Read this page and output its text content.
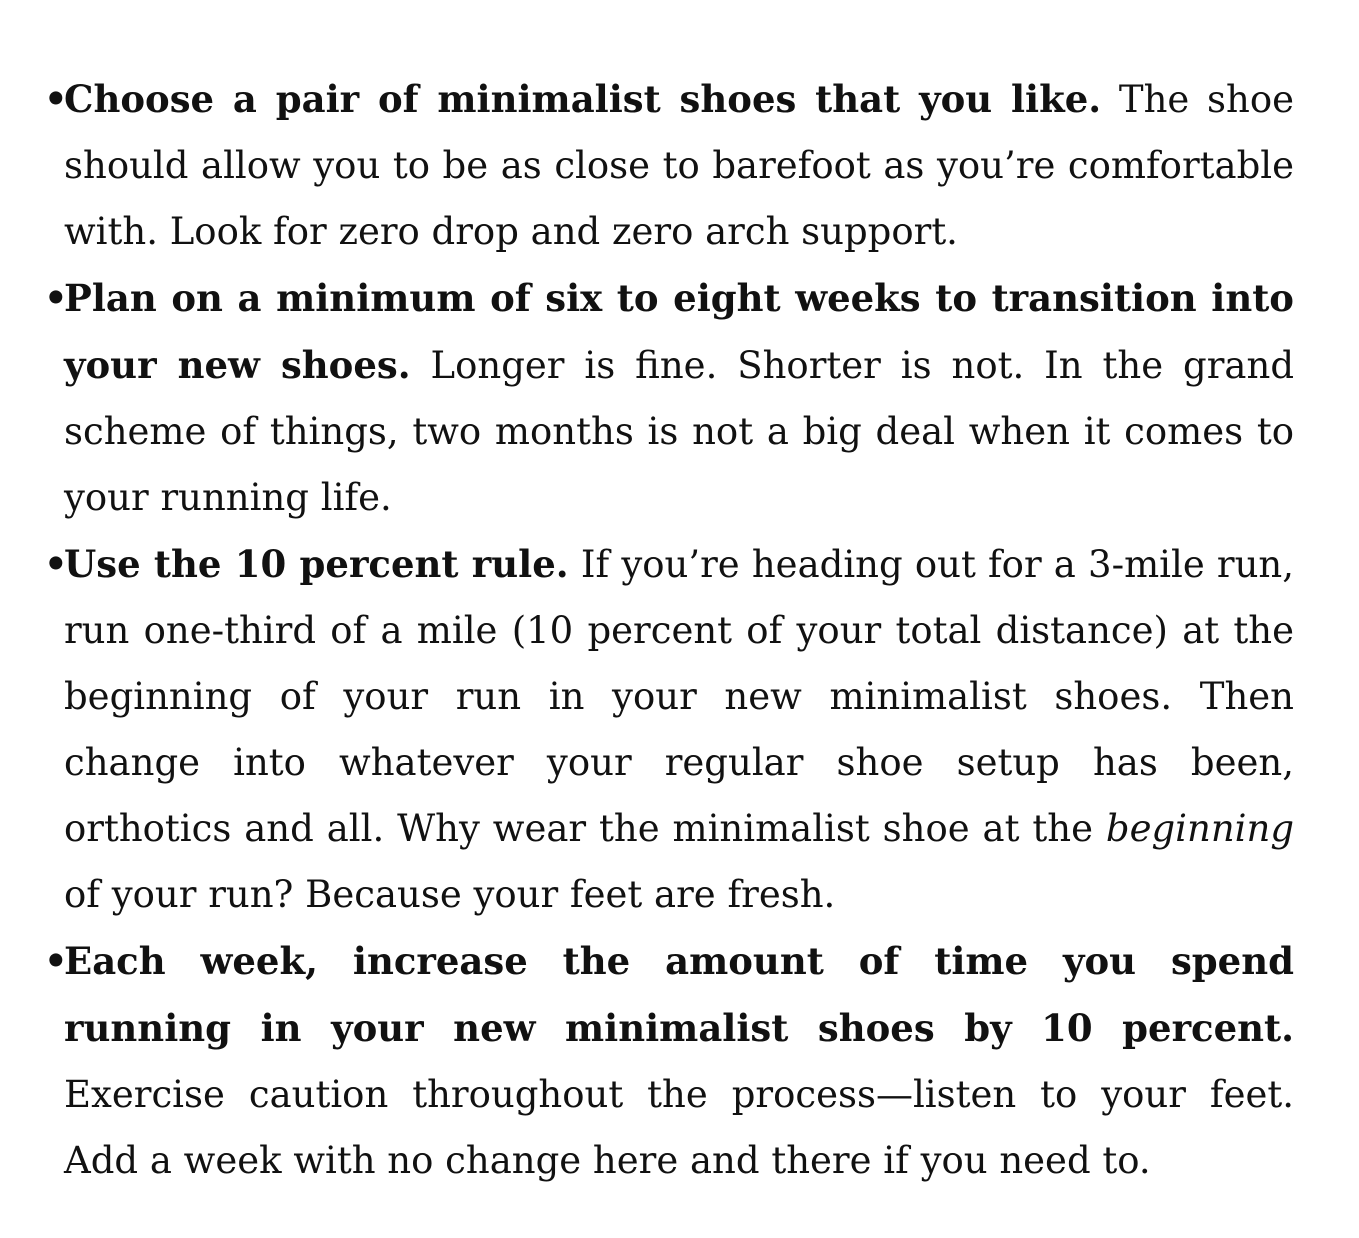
•
Choose a pair of minimalist shoes that you like. The shoe should allow you to be as close to barefoot as you’re comfortable with. Look for zero drop and zero arch support.
•
Plan on a minimum of six to eight weeks to transition into your new shoes. Longer is fine. Shorter is not. In the grand scheme of things, two months is not a big deal when it comes to your running life.
•
Use the 10 percent rule. If you’re heading out for a 3-mile run, run one-third of a mile (10 percent of your total distance) at the beginning of your run in your new minimalist shoes. Then change into whatever your regular shoe setup has been, orthotics and all. Why wear the minimalist shoe at the beginning of your run? Because your feet are fresh.
•
Each week, increase the amount of time you spend running in your new minimalist shoes by 10 percent. Exercise caution throughout the process—listen to your feet. Add a week with no change here and there if you need to.
